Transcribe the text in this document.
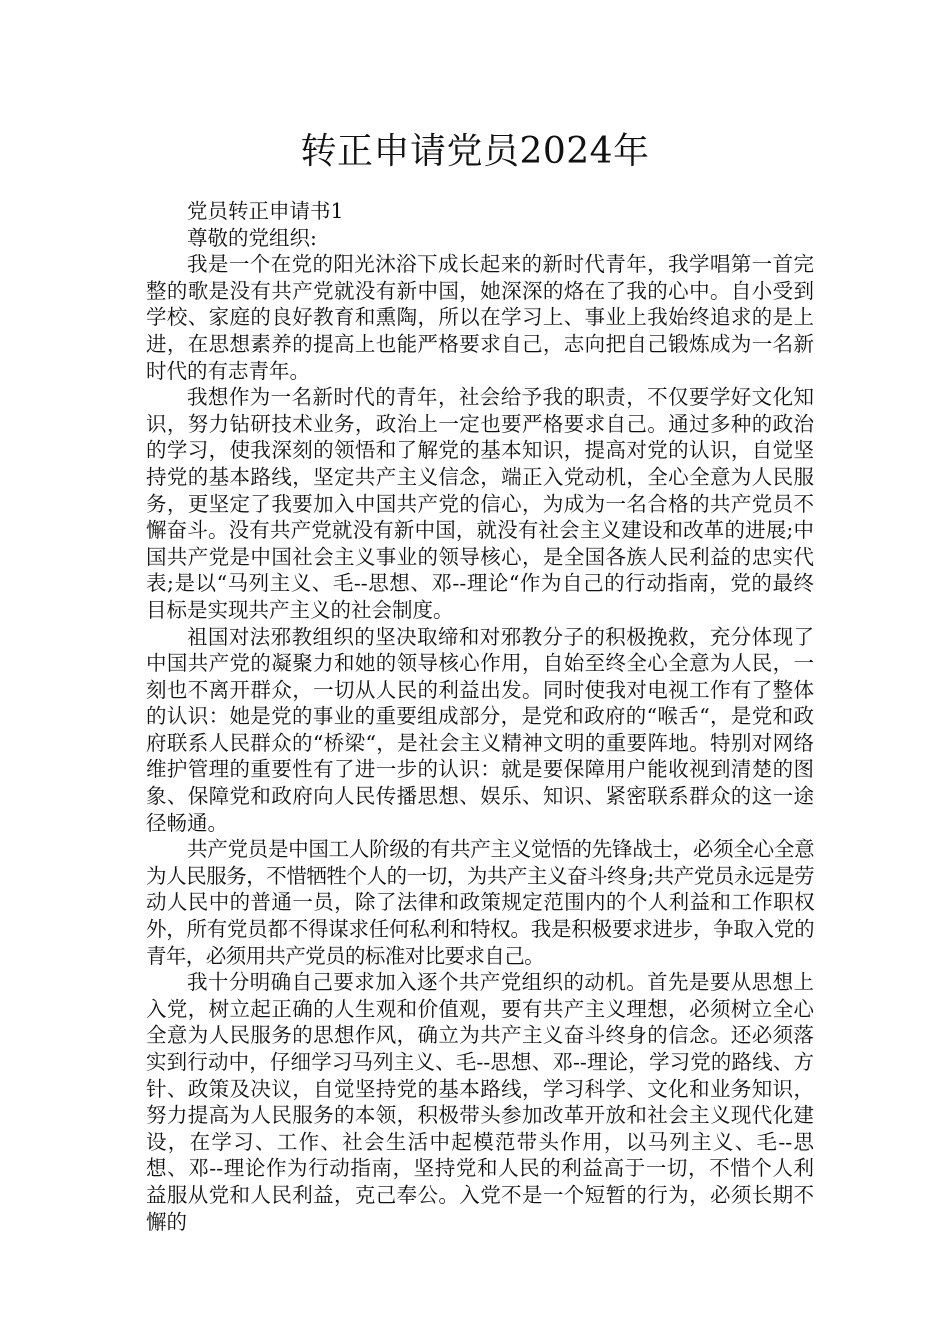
转正申请党员2024年

党员转正申请书1

尊敬的党组织:

我是一个在党的阳光沐浴下成长起来的新时代青年，我学唱第一首完整的歌是没有共产党就没有新中国，她深深的烙在了我的心中。自小受到学校、家庭的良好教育和熏陶，所以在学习上、事业上我始终追求的是上进，在思想素养的提高上也能严格要求自己，志向把自己锻炼成为一名新时代的有志青年。

我想作为一名新时代的青年，社会给予我的职责，不仅要学好文化知识，努力钻研技术业务，政治上一定也要严格要求自己。通过多种的政治的学习，使我深刻的领悟和了解党的基本知识，提高对党的认识，自觉坚持党的基本路线，坚定共产主义信念，端正入党动机，全心全意为人民服务，更坚定了我要加入中国共产党的信心，为成为一名合格的共产党员不懈奋斗。没有共产党就没有新中国，就没有社会主义建设和改革的进展;中国共产党是中国社会主义事业的领导核心，是全国各族人民利益的忠实代表;是以“马列主义、毛--思想、邓--理论“作为自己的行动指南，党的最终目标是实现共产主义的社会制度。

祖国对法邪教组织的坚决取缔和对邪教分子的积极挽救，充分体现了中国共产党的凝聚力和她的领导核心作用，自始至终全心全意为人民，一刻也不离开群众，一切从人民的利益出发。同时使我对电视工作有了整体的认识：她是党的事业的重要组成部分，是党和政府的“喉舌“，是党和政府联系人民群众的“桥梁“，是社会主义精神文明的重要阵地。特别对网络维护管理的重要性有了进一步的认识：就是要保障用户能收视到清楚的图象、保障党和政府向人民传播思想、娱乐、知识、紧密联系群众的这一途径畅通。

共产党员是中国工人阶级的有共产主义觉悟的先锋战士，必须全心全意为人民服务，不惜牺牲个人的一切，为共产主义奋斗终身;共产党员永远是劳动人民中的普通一员，除了法律和政策规定范围内的个人利益和工作职权外，所有党员都不得谋求任何私利和特权。我是积极要求进步，争取入党的青年，必须用共产党员的标准对比要求自己。

我十分明确自己要求加入逐个共产党组织的动机。首先是要从思想上入党，树立起正确的人生观和价值观，要有共产主义理想，必须树立全心全意为人民服务的思想作风，确立为共产主义奋斗终身的信念。还必须落实到行动中，仔细学习马列主义、毛--思想、邓--理论，学习党的路线、方针、政策及决议，自觉坚持党的基本路线，学习科学、文化和业务知识，努力提高为人民服务的本领，积极带头参加改革开放和社会主义现代化建设，在学习、工作、社会生活中起模范带头作用，以马列主义、毛--思想、邓--理论作为行动指南，坚持党和人民的利益高于一切，不惜个人利益服从党和人民利益，克己奉公。入党不是一个短暂的行为，必须长期不懈的
